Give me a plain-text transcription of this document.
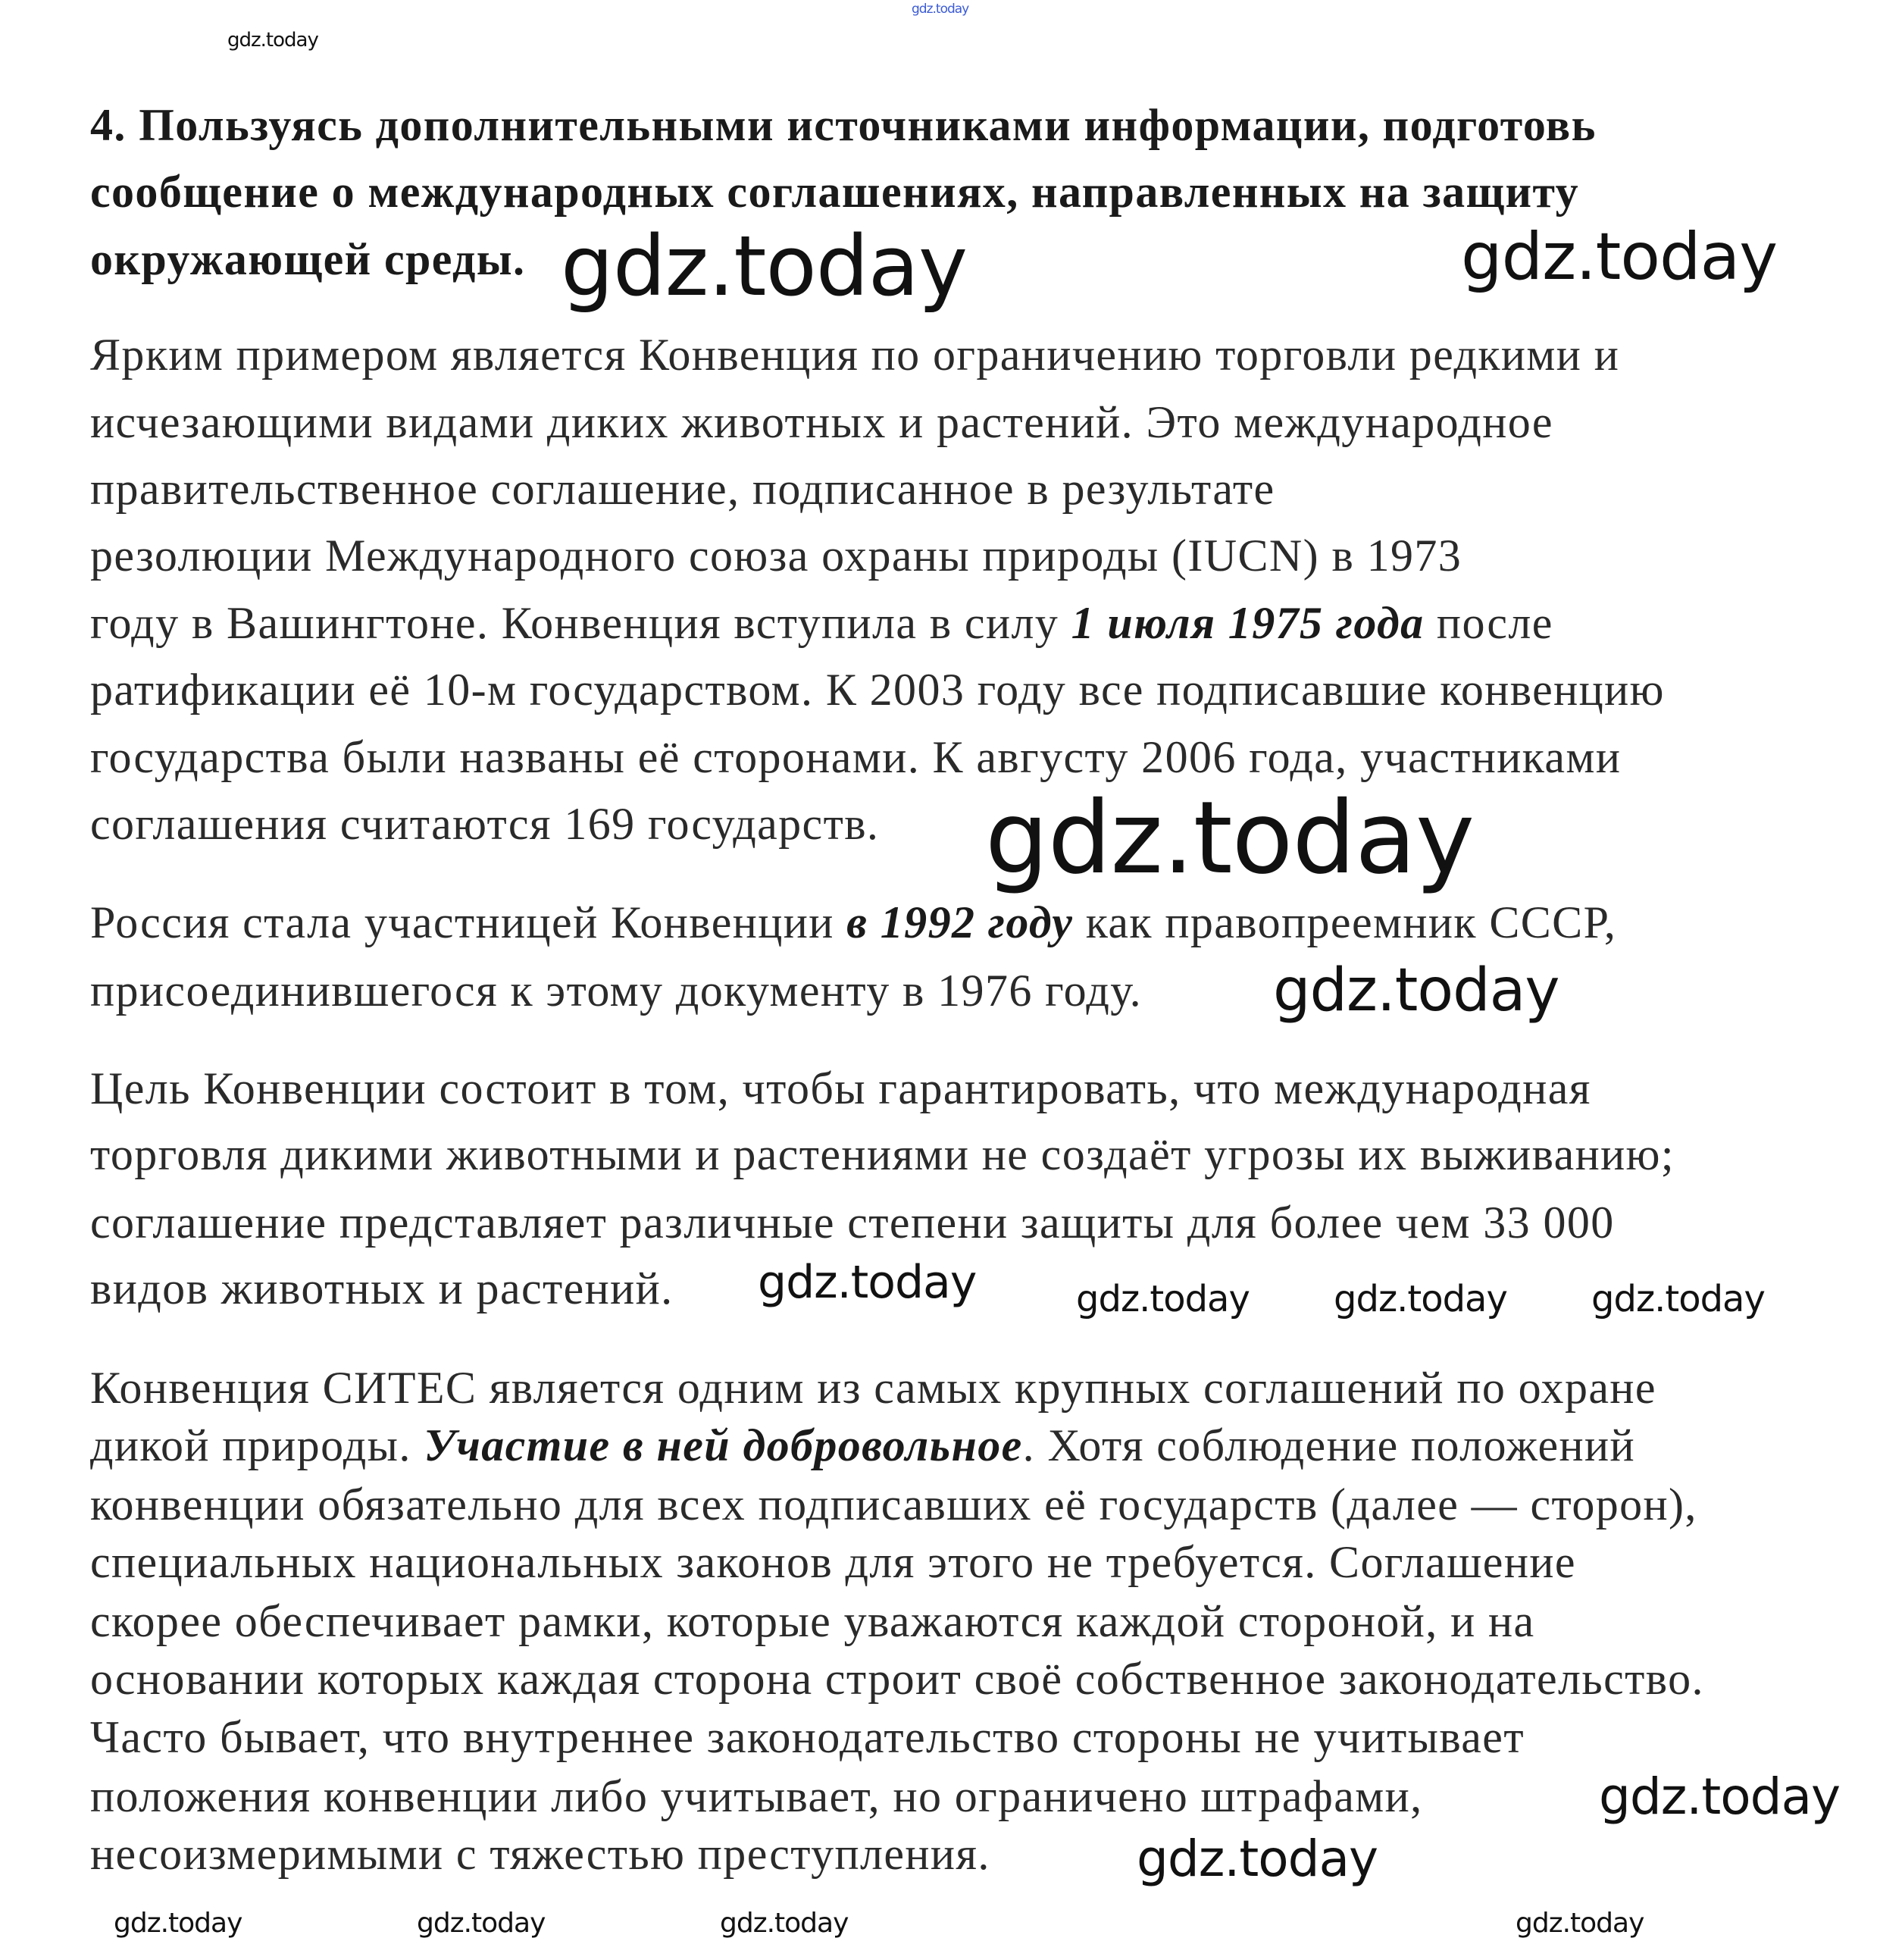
4. Пользуясь дополнительными источниками информации, подготовь
сообщение о международных соглашениях, направленных на защиту
окружающей среды.
Ярким примером является Конвенция по ограничению торговли редкими и
исчезающими видами диких животных и растений. Это международное
правительственное соглашение, подписанное в результате
резолюции Международного союза охраны природы (IUCN) в 1973
году в Вашингтоне. Конвенция вступила в силу 1 июля 1975 года после
ратификации её 10-м государством. К 2003 году все подписавшие конвенцию
государства были названы её сторонами. К августу 2006 года, участниками
соглашения считаются 169 государств.
Россия стала участницей Конвенции в 1992 году как правопреемник СССР,
присоединившегося к этому документу в 1976 году.
Цель Конвенции состоит в том, чтобы гарантировать, что международная
торговля дикими животными и растениями не создаёт угрозы их выживанию;
соглашение представляет различные степени защиты для более чем 33 000
видов животных и растений.
Конвенция СИТЕС является одним из самых крупных соглашений по охране
дикой природы. Участие в ней добровольное. Хотя соблюдение положений
конвенции обязательно для всех подписавших её государств (далее — сторон),
специальных национальных законов для этого не требуется. Соглашение
скорее обеспечивает рамки, которые уважаются каждой стороной, и на
основании которых каждая сторона строит своё собственное законодательство.
Часто бывает, что внутреннее законодательство стороны не учитывает
положения конвенции либо учитывает, но ограничено штрафами,
несоизмеримыми с тяжестью преступления.
gdz.today
gdz.today	gdz.today
gdz.today
gdz.today
gdz.today	gdz.today gdz.today gdz.today
gdz.today	gdz.today	gdz.today	gdz.today
gdz.today
gdz.today
gdz.today
